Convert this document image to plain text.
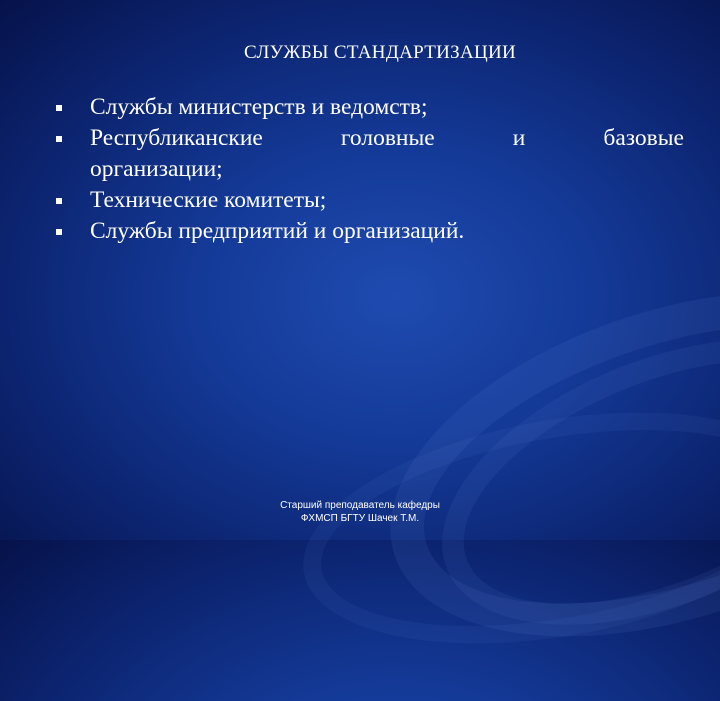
СЛУЖБЫ СТАНДАРТИЗАЦИИ
Службы министерств и ведомств;
Республиканские	головные	и	базовые
организации;
Технические комитеты;
Службы предприятий и организаций.
Старший преподаватель кафедры
ФХМСП БГТУ Шачек Т.М.
